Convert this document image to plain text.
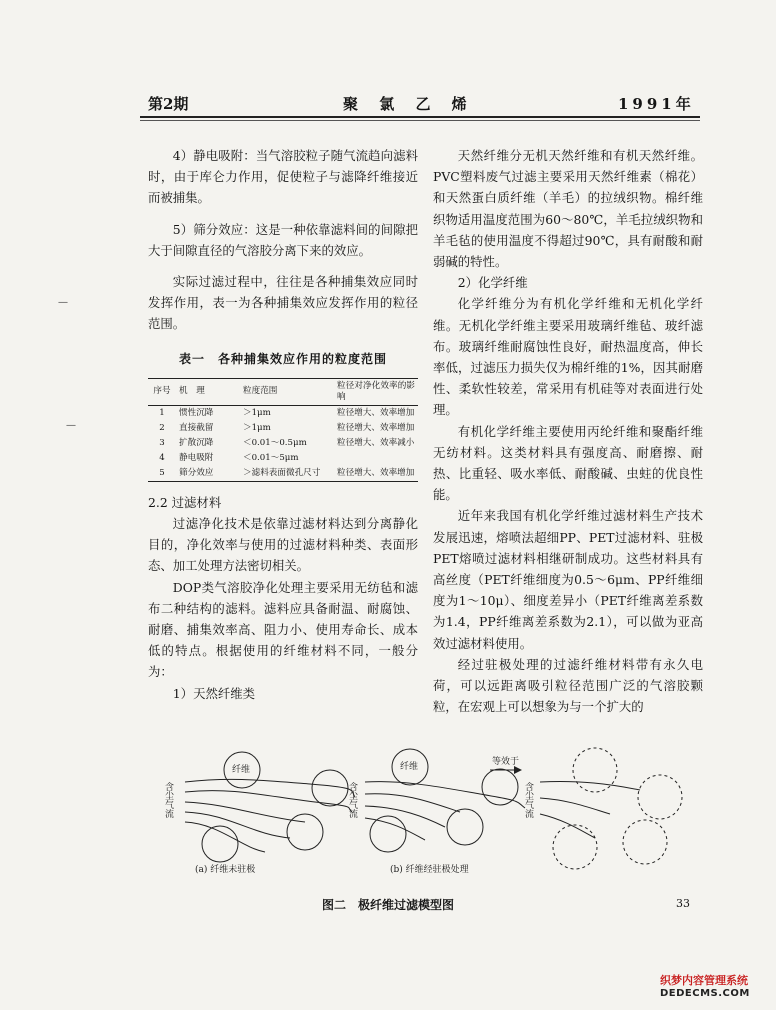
第2期	聚 氯 乙 烯	1991年

4）静电吸附：当气溶胶粒子随气流趋向滤料时，由于库仑力作用，促使粒子与滤降纤维接近而被捕集。

5）筛分效应：这是一种依靠滤料间的间隙把大于间隙直径的气溶胶分离下来的效应。

实际过滤过程中，往往是各种捕集效应同时发挥作用，表一为各种捕集效应发挥作用的粒径范围。

表一　各种捕集效应作用的粒度范围
序号	机　理	粒度范围	粒径对净化效率的影响
1	惯性沉降	＞1μm	粒径增大、效率增加
2	直接截留	＞1μm	粒径增大、效率增加
3	扩散沉降	＜0.01～0.5μm	粒径增大、效率减小
4	静电吸附	＜0.01～5μm	
5	筛分效应	＞滤料表面微孔尺寸	粒径增大、效率增加

2.2 过滤材料

过滤净化技术是依靠过滤材料达到分离静化目的，净化效率与使用的过滤材料种类、表面形态、加工处理方法密切相关。

DOP类气溶胶净化处理主要采用无纺毡和滤布二种结构的滤料。滤料应具备耐温、耐腐蚀、耐磨、捕集效率高、阻力小、使用寿命长、成本低的特点。根据使用的纤维材料不同，一般分为：

1）天然纤维类

天然纤维分无机天然纤维和有机天然纤维。PVC塑料废气过滤主要采用天然纤维素（棉花）和天然蛋白质纤维（羊毛）的拉绒织物。棉纤维织物适用温度范围为60～80℃，羊毛拉绒织物和羊毛毡的使用温度不得超过90℃，具有耐酸和耐弱碱的特性。

2）化学纤维

化学纤维分为有机化学纤维和无机化学纤维。无机化学纤维主要采用玻璃纤维毡、玻纤滤布。玻璃纤维耐腐蚀性良好，耐热温度高，伸长率低，过滤压力损失仅为棉纤维的1%，因其耐磨性、柔软性较差，常采用有机硅等对表面进行处理。

有机化学纤维主要使用丙纶纤维和聚酯纤维无纺材料。这类材料具有强度高、耐磨擦、耐热、比重轻、吸水率低、耐酸碱、虫蛀的优良性能。

近年来我国有机化学纤维过滤材料生产技术发展迅速，熔喷法超细PP、PET过滤材料、驻极PET熔喷过滤材料相继研制成功。这些材料具有高丝度（PET纤维细度为0.5～6μm、PP纤维细度为1～10μ）、细度差异小（PET纤维离差系数为1.4，PP纤维离差系数为2.1），可以做为亚高效过滤材料使用。

经过驻极处理的过滤纤维材料带有永久电荷，可以远距离吸引粒径范围广泛的气溶胶颗粒，在宏观上可以想象为与一个扩大的

纤维	纤维
含尘气流	含尘气流	含尘气流
等效于
(a) 纤维未驻极	(b) 纤维经驻极处理
图二　极纤维过滤模型图	33
织梦内容管理系统
DEDECMS.COM
—
—
